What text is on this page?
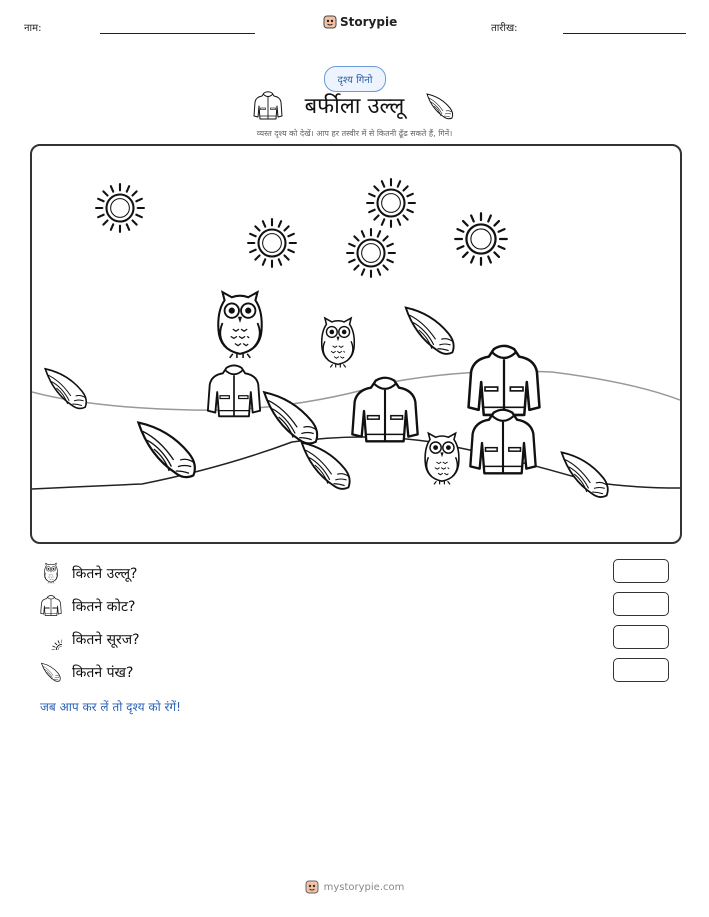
नाम:	Storypie	तारीख:
दृश्य गिनो
बर्फीला उल्लू
व्यस्त दृश्य को देखें। आप हर तस्वीर में से कितनी ढूँढ सकते हैं, गिनें।
कितने उल्लू?
कितने कोट?
कितने सूरज?
कितने पंख?
जब आप कर लें तो दृश्य को रंगें!
mystorypie.com
